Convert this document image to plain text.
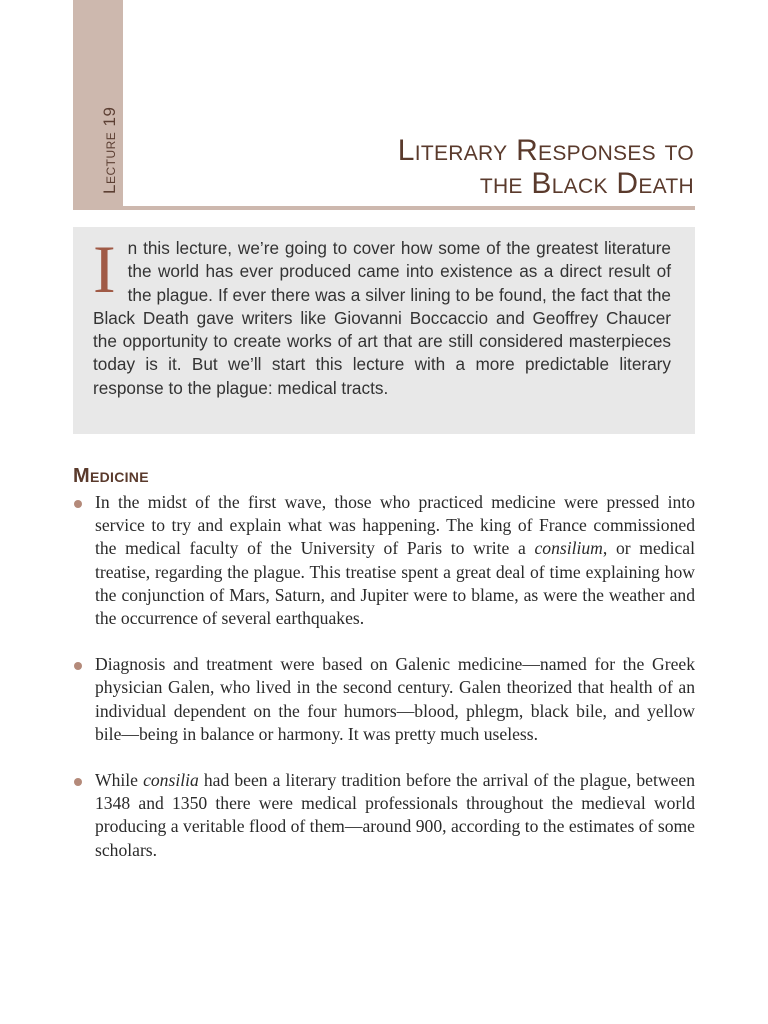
Lecture 19	Literary Responses to
the Black Death

In this lecture, we’re going to cover how some of the greatest literature the world has ever produced came into existence as a direct result of the plague. If ever there was a silver lining to be found, the fact that the Black Death gave writers like Giovanni Boccaccio and Geoffrey Chaucer the opportunity to create works of art that are still considered masterpieces today is it. But we’ll start this lecture with a more predictable literary response to the plague: medical tracts.

Medicine
In the midst of the first wave, those who practiced medicine were pressed into service to try and explain what was happening. The king of France commissioned the medical faculty of the University of Paris to write a consilium, or medical treatise, regarding the plague. This treatise spent a great deal of time explaining how the conjunction of Mars, Saturn, and Jupiter were to blame, as were the weather and the occurrence of several earthquakes.
Diagnosis and treatment were based on Galenic medicine—named for the Greek physician Galen, who lived in the second century. Galen theorized that health of an individual dependent on the four humors—blood, phlegm, black bile, and yellow bile—being in balance or harmony. It was pretty much useless.
While consilia had been a literary tradition before the arrival of the plague, between 1348 and 1350 there were medical professionals throughout the medieval world producing a veritable flood of them—around 900, according to the estimates of some scholars.
